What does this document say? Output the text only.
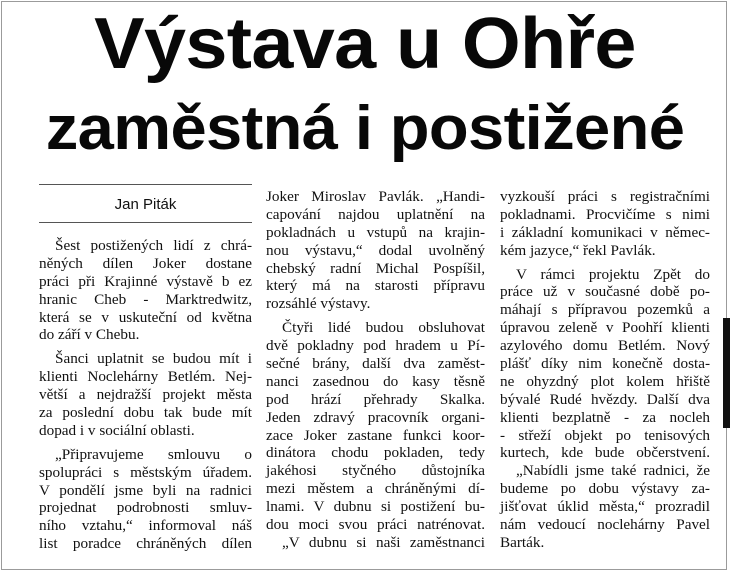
Výstava u Ohře
zaměstná i postižené
Jan Piták
Šest postižených lidí z chrá-
něných dílen Joker dostane
práci při Krajinné výstavě b ez
hranic Cheb - Marktredwitz,
která se v uskuteční od května
do září v Chebu.
Šanci uplatnit se budou mít i
klienti Noclehárny Betlém. Nej-
větší a nejdražší projekt města
za poslední dobu tak bude mít
dopad i v sociální oblasti.
„Připravujeme smlouvu o
spolupráci s městským úřadem.
V pondělí jsme byli na radnici
projednat podrobnosti smluv-
ního vztahu,“ informoval náš
list poradce chráněných dílen
Joker Miroslav Pavlák. „Handi-
capování najdou uplatnění na
pokladnách u vstupů na krajin-
nou výstavu,“ dodal uvolněný
chebský radní Michal Pospíšil,
který má na starosti přípravu
rozsáhlé výstavy.
Čtyři lidé budou obsluhovat
dvě pokladny pod hradem u Pí-
sečné brány, další dva zaměst-
nanci zasednou do kasy těsně
pod hrází přehrady Skalka.
Jeden zdravý pracovník organi-
zace Joker zastane funkci koor-
dinátora chodu pokladen, tedy
jakéhosi styčného důstojníka
mezi městem a chráněnými dí-
lnami. V dubnu si postižení bu-
dou moci svou práci natrénovat.
„V dubnu si naši zaměstnanci
vyzkouší práci s registračními
pokladnami. Procvičíme s nimi
i základní komunikaci v němec-
kém jazyce,“ řekl Pavlák.
V rámci projektu Zpět do
práce už v současné době po-
máhají s přípravou pozemků a
úpravou zeleně v Poohří klienti
azylového domu Betlém. Nový
plášť díky nim konečně dosta-
ne ohyzdný plot kolem hřiště
bývalé Rudé hvězdy. Další dva
klienti bezplatně - za nocleh
- střeží objekt po tenisových
kurtech, kde bude občerstvení.
„Nabídli jsme také radnici, že
budeme po dobu výstavy za-
jišťovat úklid města,“ prozradil
nám vedoucí noclehárny Pavel
Barták.
